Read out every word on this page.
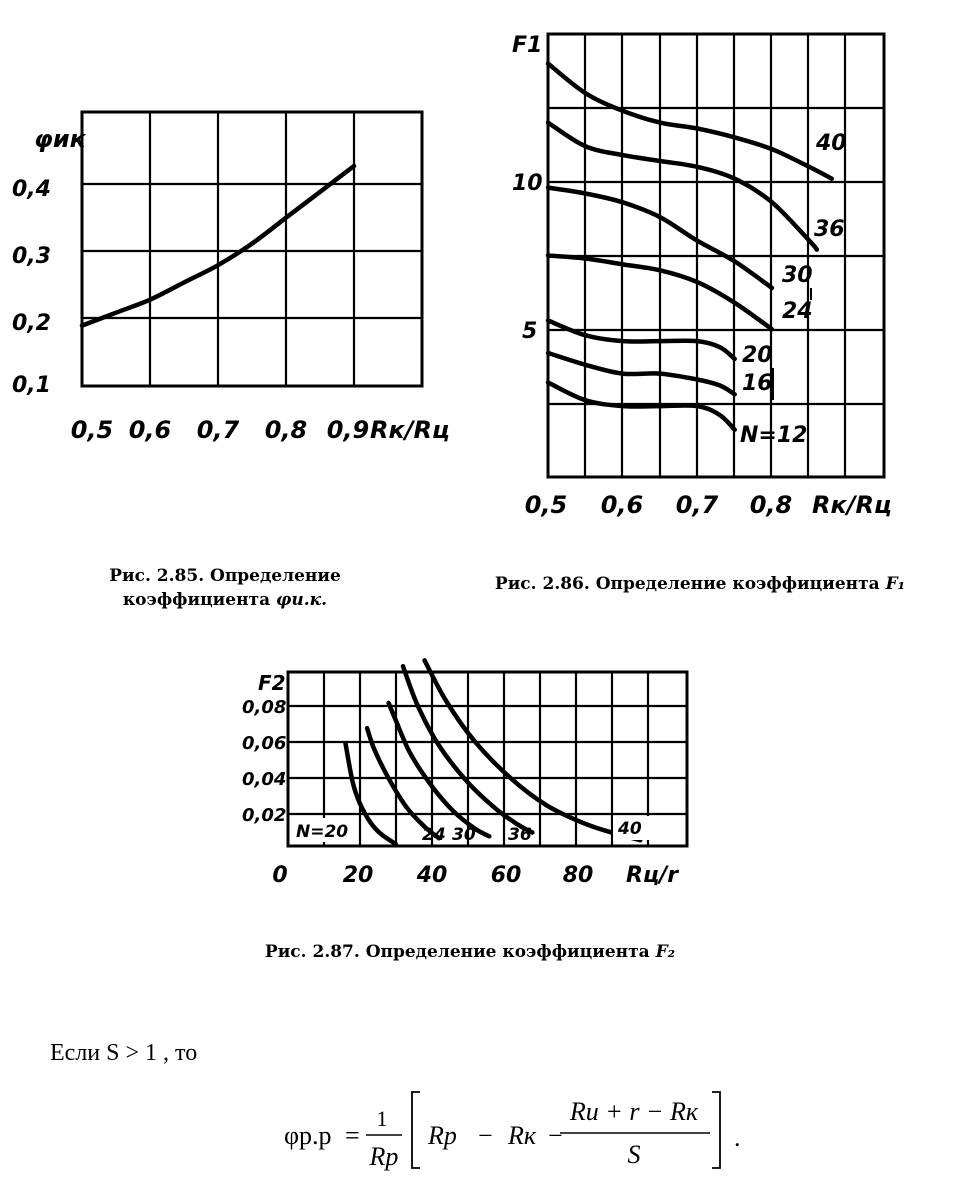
φик
0,4
0,3
0,2
0,1
0,5 0,6 0,7 0,8 0,9 Rк/Rц
F1
10
5
0,5 0,6 0,7 0,8 Rк/Rц
40
36
30
24
20
16
N=12
F2
0,08
0,06
0,04
0,02
0	20 40 60 80 Rц/r
N=20	24 30 36	40
Рис. 2.85. Определение
коэффициента φи.к.
Рис. 2.86. Определение коэффициента F₁
Рис. 2.87. Определение коэффициента F₂
Если S > 1 , то
φр.р =
1
Rр
Rр − Rк −
Rи + r − Rк
S
.
